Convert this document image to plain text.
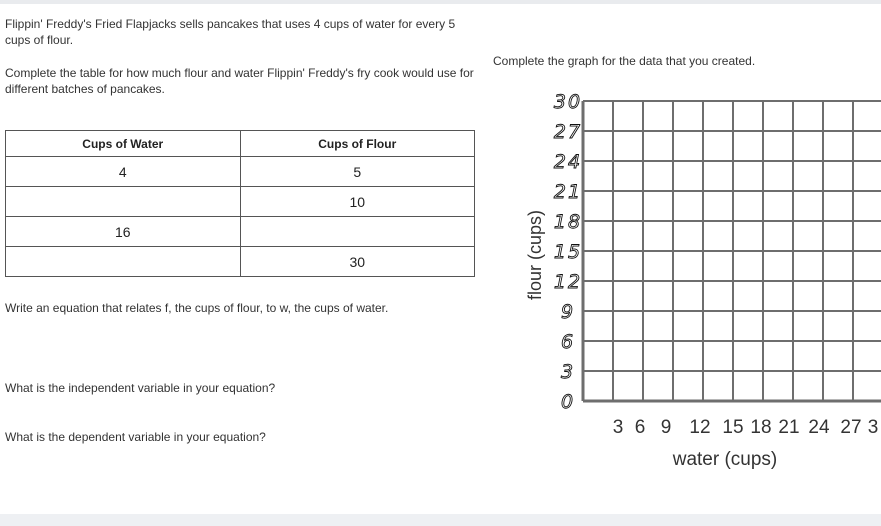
Flippin' Freddy's Fried Flapjacks sells pancakes that uses 4 cups of water for every 5 cups of flour.
Complete the table for how much flour and water Flippin' Freddy's fry cook would use for different batches of pancakes.
Cups of Water	Cups of Flour
4	5
	10
16	
	30
Write an equation that relates f, the cups of flour, to w, the cups of water.
What is the independent variable in your equation?
What is the dependent variable in your equation?
Complete the graph for the data that you created.
0
3
6
9
12
15
18
21
24
27
30
3 6 9 12 15 18 21 24 27 3
flour (cups)
water (cups)
